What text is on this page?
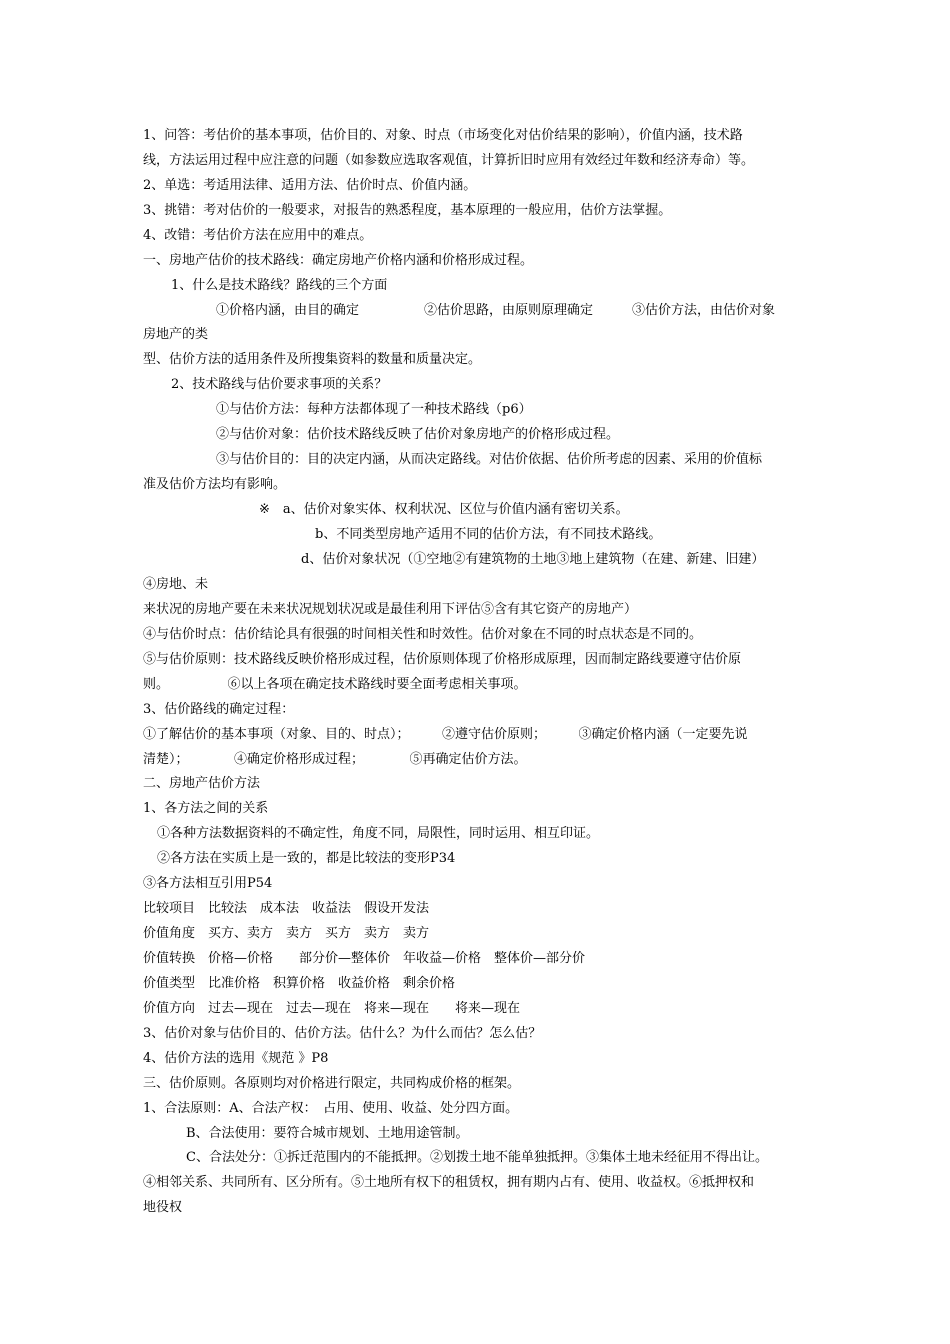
1、问答：考估价的基本事项，估价目的、对象、时点（市场变化对估价结果的影响），价值内涵，技术路

线，方法运用过程中应注意的问题（如参数应选取客观值，计算折旧时应用有效经过年数和经济寿命）等。

2、单选：考适用法律、适用方法、估价时点、价值内涵。

3、挑错：考对估价的一般要求，对报告的熟悉程度，基本原理的一般应用，估价方法掌握。

4、改错：考估价方法在应用中的难点。

一、房地产估价的技术路线：确定房地产价格内涵和价格形成过程。

1、什么是技术路线？路线的三个方面

①价格内涵，由目的确定　　　　　②估价思路，由原则原理确定　　　③估价方法，由估价对象

房地产的类

型、估价方法的适用条件及所搜集资料的数量和质量决定。

2、技术路线与估价要求事项的关系？

①与估价方法：每种方法都体现了一种技术路线（p6）

②与估价对象：估价技术路线反映了估价对象房地产的价格形成过程。

③与估价目的：目的决定内涵，从而决定路线。对估价依据、估价所考虑的因素、采用的价值标

准及估价方法均有影响。

※　a、估价对象实体、权利状况、区位与价值内涵有密切关系。

b、不同类型房地产适用不同的估价方法，有不同技术路线。

d、估价对象状况（①空地②有建筑物的土地③地上建筑物（在建、新建、旧建）

④房地、未

来状况的房地产要在未来状况规划状况或是最佳利用下评估⑤含有其它资产的房地产）

④与估价时点：估价结论具有很强的时间相关性和时效性。估价对象在不同的时点状态是不同的。

⑤与估价原则：技术路线反映价格形成过程，估价原则体现了价格形成原理，因而制定路线要遵守估价原

则。　　　　　⑥以上各项在确定技术路线时要全面考虑相关事项。

3、估价路线的确定过程：

①了解估价的基本事项（对象、目的、时点）；　　　②遵守估价原则；　　　③确定价格内涵（一定要先说

清楚）；　　　　④确定价格形成过程；　　　　⑤再确定估价方法。

二、房地产估价方法

1、各方法之间的关系

①各种方法数据资料的不确定性，角度不同，局限性，同时运用、相互印证。

②各方法在实质上是一致的，都是比较法的变形P34

③各方法相互引用P54

比较项目　比较法　成本法　收益法　假设开发法

价值角度　买方、卖方　卖方　买方　卖方　卖方

价值转换　价格—价格　　部分价—整体价　年收益—价格　整体价—部分价

价值类型　比准价格　积算价格　收益价格　剩余价格

价值方向　过去—现在　过去—现在　将来—现在　　将来—现在

3、估价对象与估价目的、估价方法。估什么？为什么而估？怎么估？

4、估价方法的选用《规范 》P8

三、估价原则。各原则均对价格进行限定，共同构成价格的框架。

1、合法原则：A、合法产权：　占用、使用、收益、处分四方面。

B、合法使用：要符合城市规划、土地用途管制。

C、合法处分：①拆迁范围内的不能抵押。②划拨土地不能单独抵押。③集体土地未经征用不得出让。

④相邻关系、共同所有、区分所有。⑤土地所有权下的租赁权，拥有期内占有、使用、收益权。⑥抵押权和

地役权
